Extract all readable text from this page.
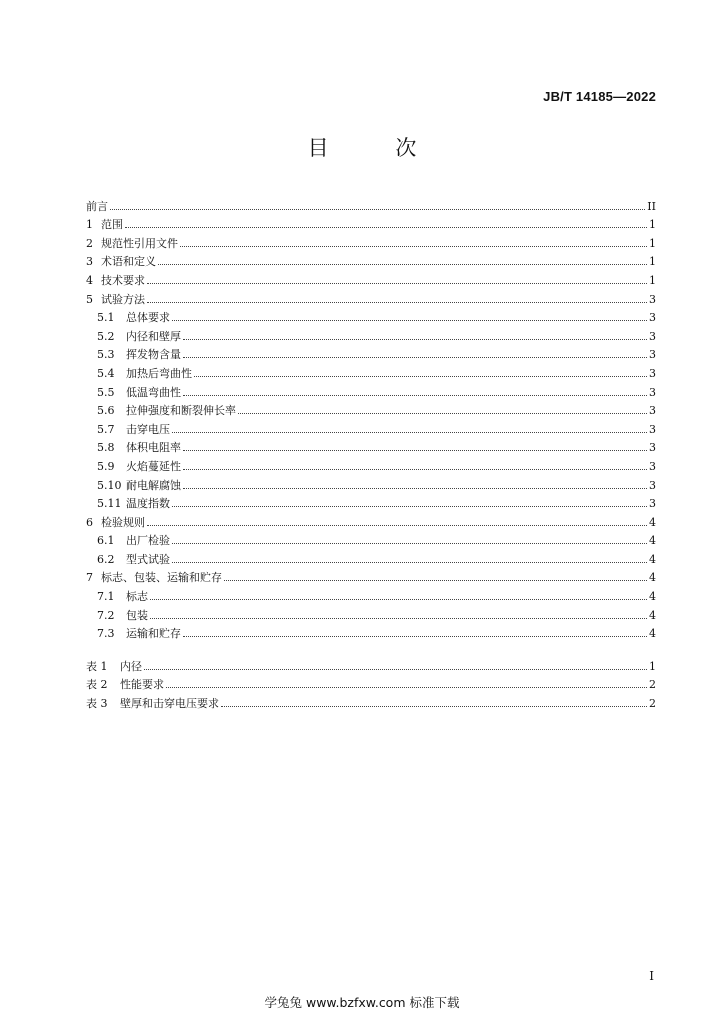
JB/T 14185—2022
目 次
前言	II
1 范围	1
2 规范性引用文件	1
3 术语和定义	1
4 技术要求	1
5 试验方法	3
5.1	总体要求	3
5.2	内径和壁厚	3
5.3	挥发物含量	3
5.4	加热后弯曲性	3
5.5	低温弯曲性	3
5.6	拉伸强度和断裂伸长率	3
5.7	击穿电压	3
5.8	体积电阻率	3
5.9	火焰蔓延性	3
5.10 耐电解腐蚀	3
5.11 温度指数	3
6 检验规则	4
6.1	出厂检验	4
6.2	型式试验	4
7 标志、包装、运输和贮存	4
7.1	标志	4
7.2	包装	4
7.3	运输和贮存	4
表 1	内径	1
表 2	性能要求	2
表 3	壁厚和击穿电压要求	2
I
学兔兔 www.bzfxw.com 标准下载
